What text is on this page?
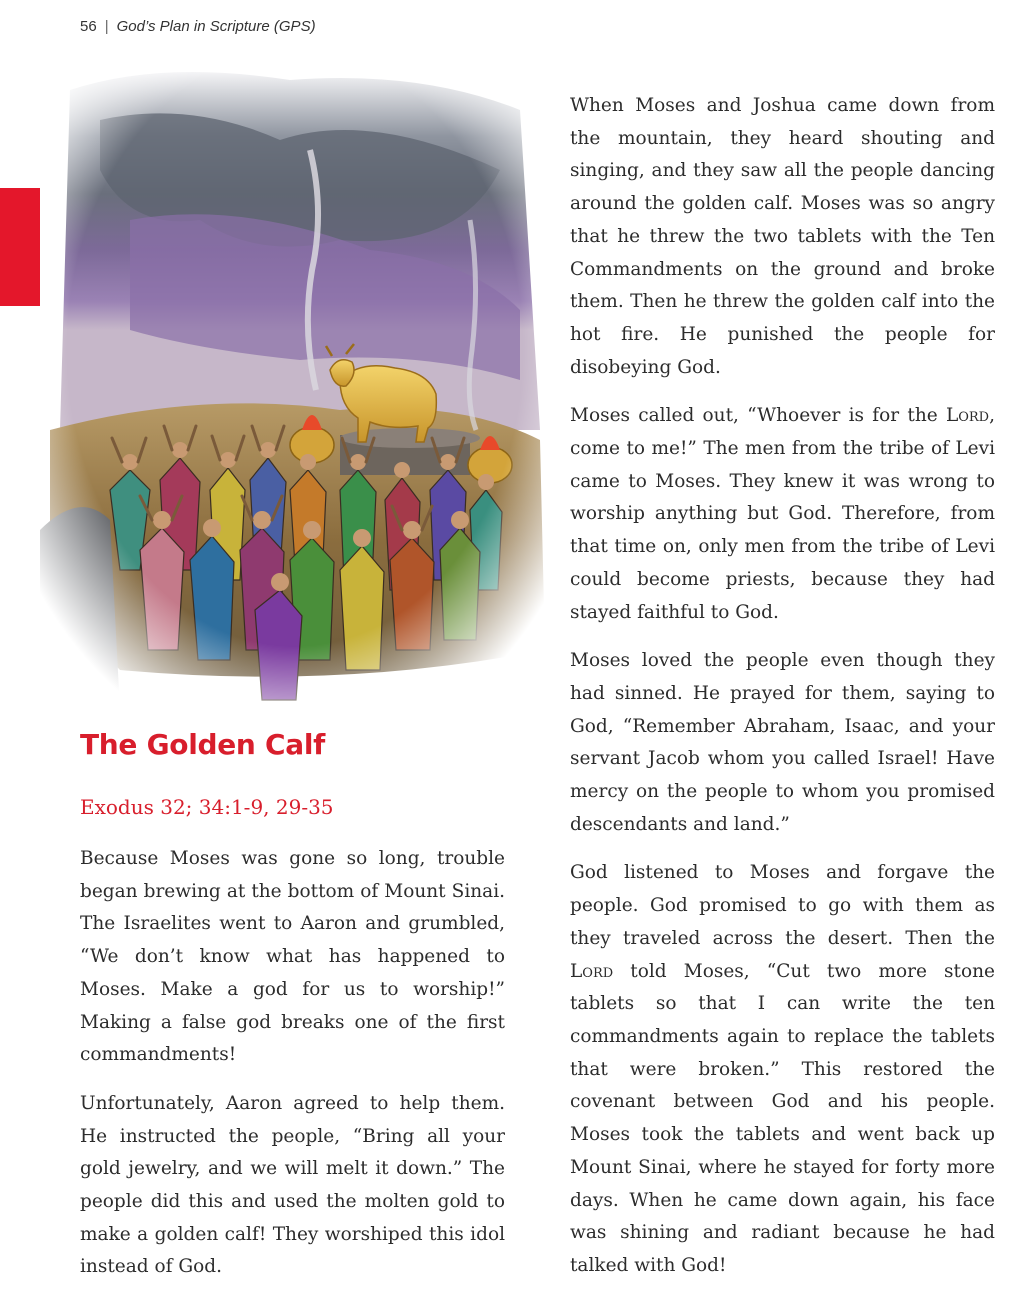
56 | God’s Plan in Scripture (GPS)
The Golden Calf
Exodus 32; 34:1-9, 29-35

Because Moses was gone so long, trouble began brewing at the bottom of Mount Sinai. The Israelites went to Aaron and grumbled, “We don’t know what has happened to Moses. Make a god for us to worship!” Making a false god breaks one of the first commandments!

Unfortunately, Aaron agreed to help them. He instructed the people, “Bring all your gold jewelry, and we will melt it down.” The people did this and used the molten gold to make a golden calf! They worshiped this idol instead of God.

When Moses and Joshua came down from the mountain, they heard shouting and singing, and they saw all the people dancing around the golden calf. Moses was so angry that he threw the two tablets with the Ten Commandments on the ground and broke them. Then he threw the golden calf into the hot fire. He punished the people for disobeying God.

Moses called out, “Whoever is for the Lord, come to me!” The men from the tribe of Levi came to Moses. They knew it was wrong to worship anything but God. Therefore, from that time on, only men from the tribe of Levi could become priests, because they had stayed faithful to God.

Moses loved the people even though they had sinned. He prayed for them, saying to God, “Remember Abraham, Isaac, and your servant Jacob whom you called Israel! Have mercy on the people to whom you promised descendants and land.”

God listened to Moses and forgave the people. God promised to go with them as they traveled across the desert. Then the Lord told Moses, “Cut two more stone tablets so that I can write the ten commandments again to replace the tablets that were broken.” This restored the covenant between God and his people. Moses took the tablets and went back up Mount Sinai, where he stayed for forty more days. When he came down again, his face was shining and radiant because he had talked with God!
